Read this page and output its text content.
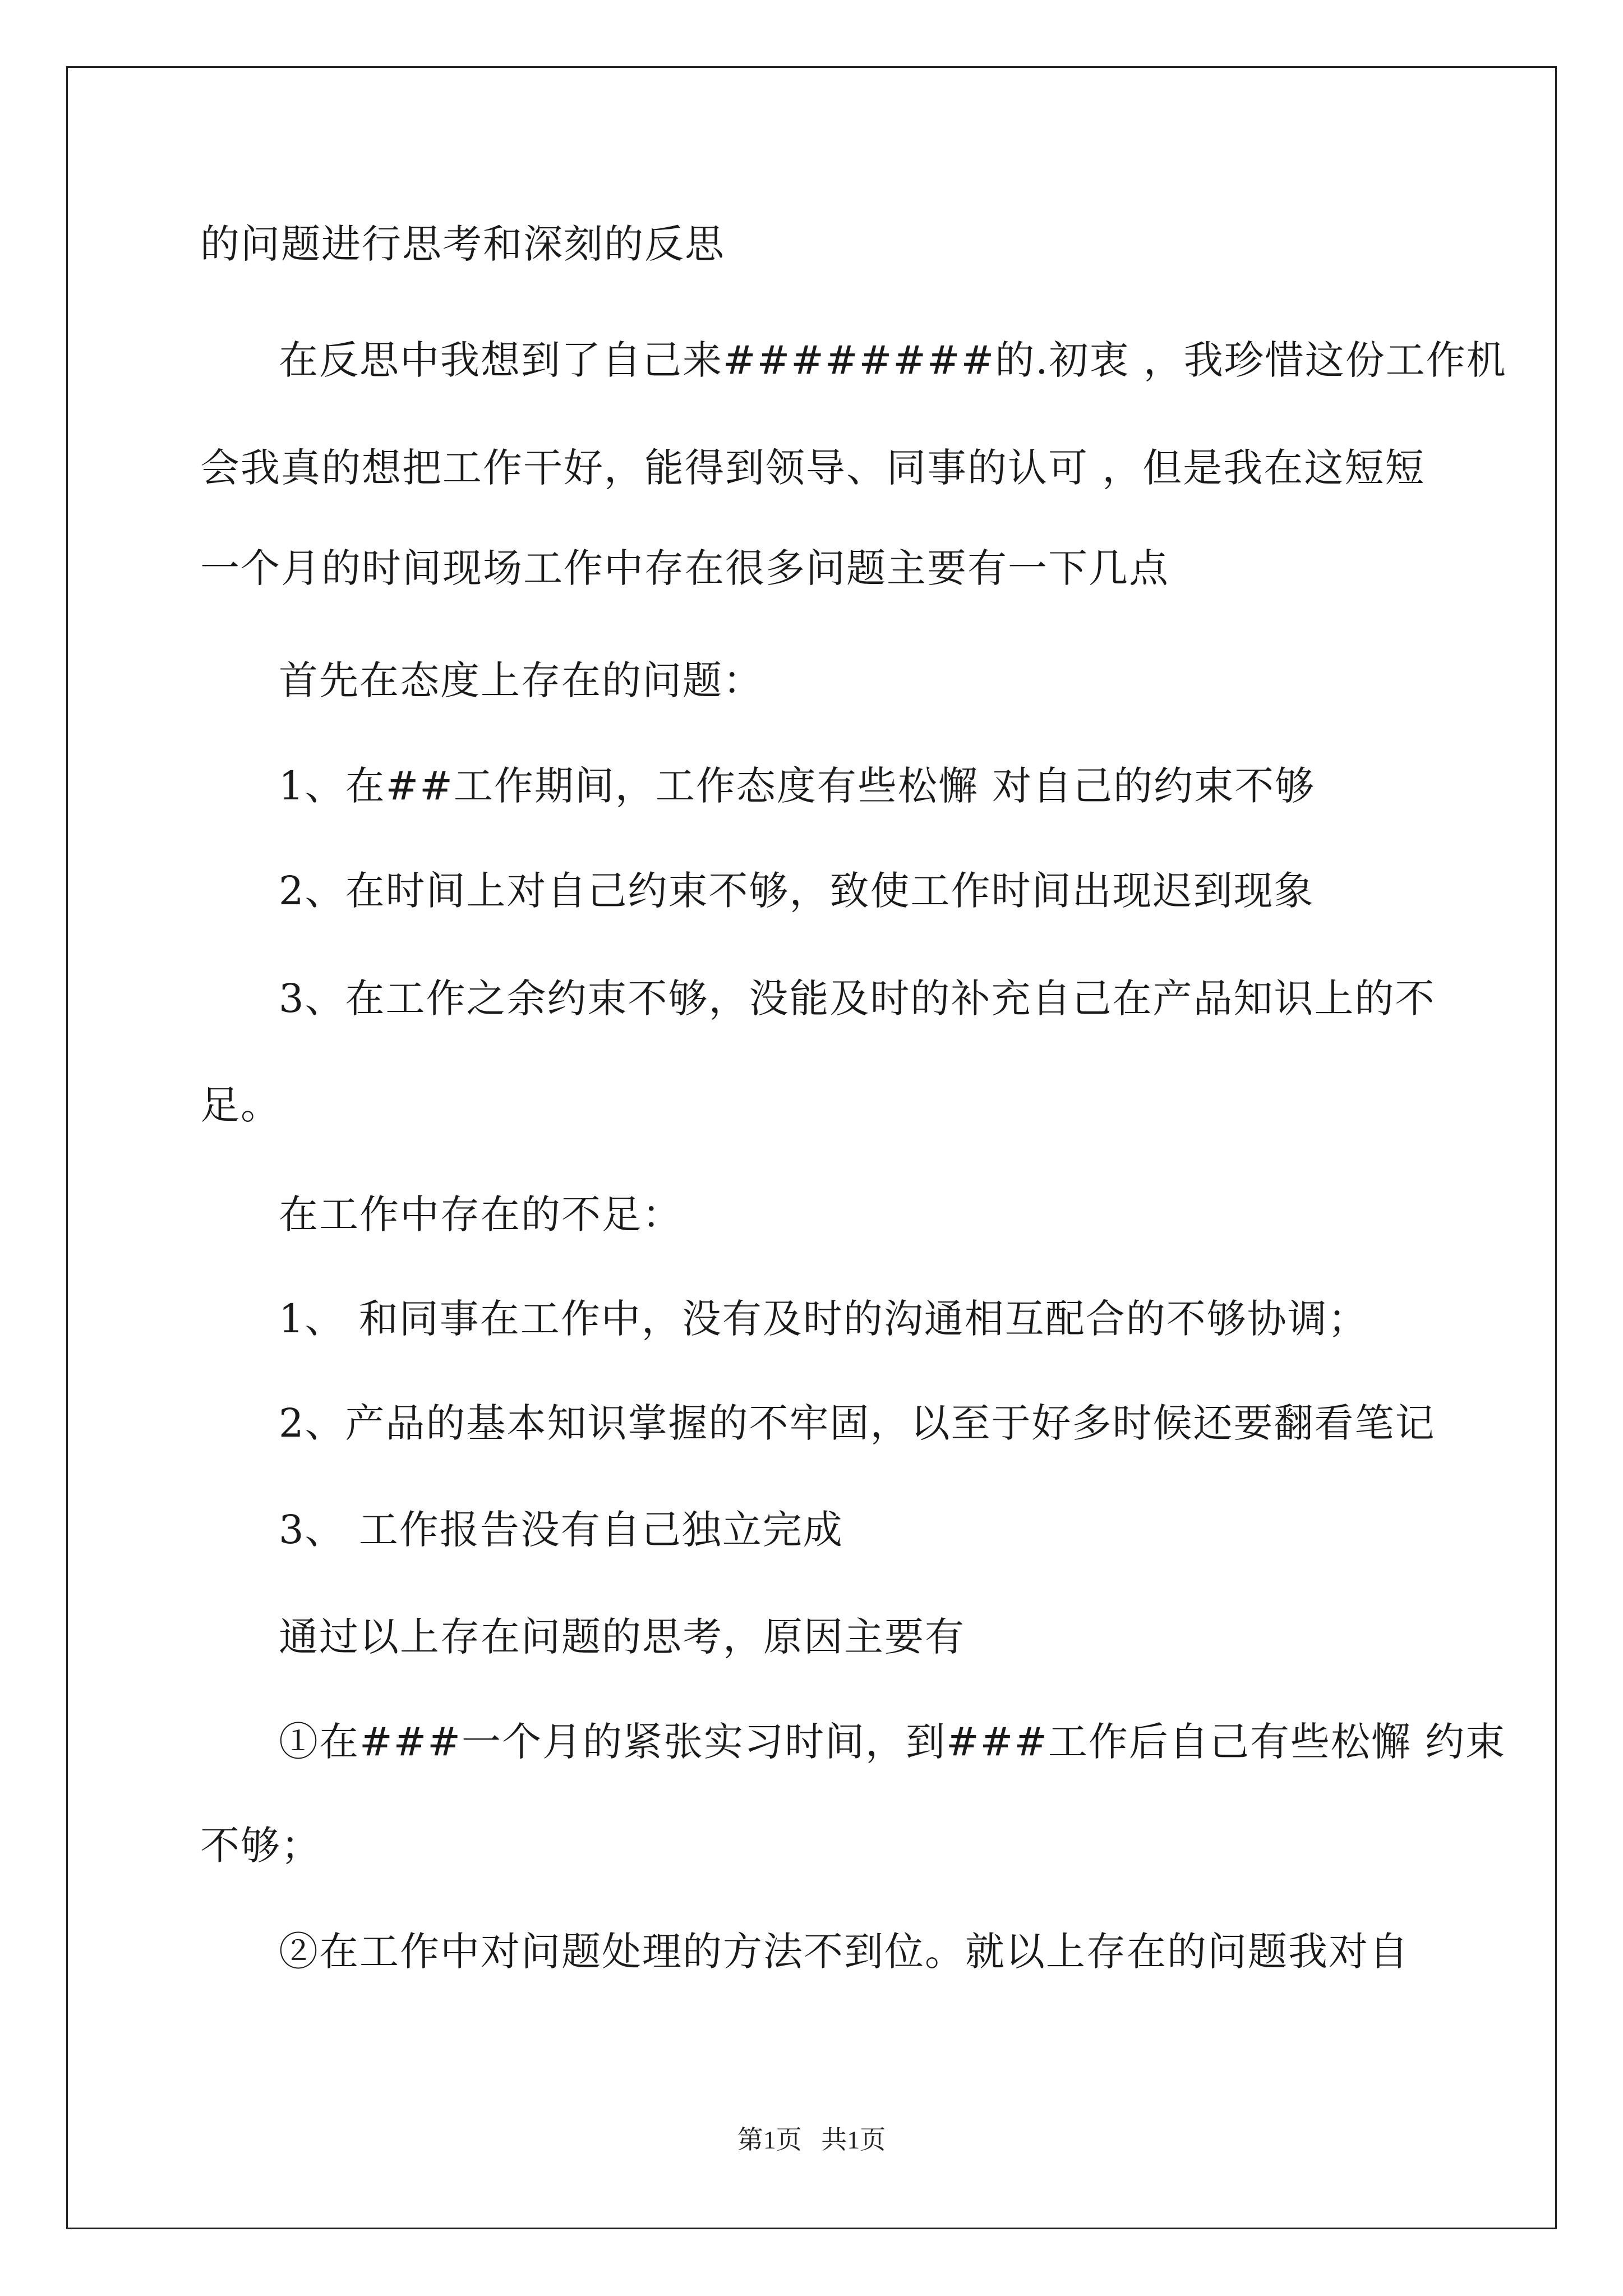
的问题进行思考和深刻的反思

在反思中我想到了自己来########的.初衷 ，我珍惜这份工作机

会我真的想把工作干好，能得到领导、同事的认可 ，但是我在这短短

一个月的时间现场工作中存在很多问题主要有一下几点

首先在态度上存在的问题：

1、在##工作期间，工作态度有些松懈 对自己的约束不够

2、在时间上对自己约束不够，致使工作时间出现迟到现象

3、在工作之余约束不够，没能及时的补充自己在产品知识上的不

足。

在工作中存在的不足：

1、 和同事在工作中，没有及时的沟通相互配合的不够协调；

2、产品的基本知识掌握的不牢固，以至于好多时候还要翻看笔记

3、 工作报告没有自己独立完成

通过以上存在问题的思考，原因主要有

①在###一个月的紧张实习时间，到###工作后自己有些松懈 约束

不够；

②在工作中对问题处理的方法不到位。就以上存在的问题我对自

第1页   共1页
